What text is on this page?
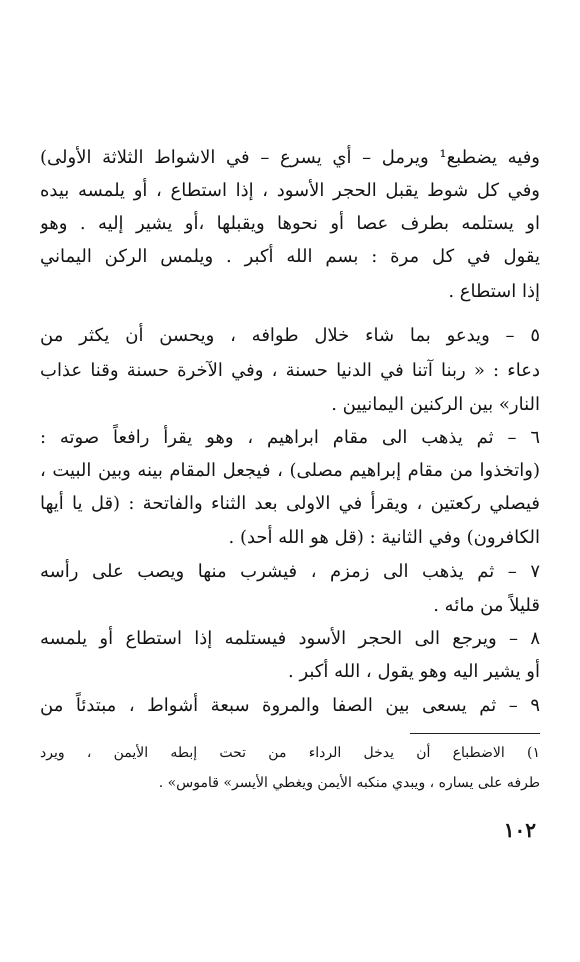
وفيه يضطبع¹ ويرمل – أي يسرع – في الاشواط الثلاثة الأولى)
وفي كل شوط يقبل الحجر الأسود ، إذا استطاع ، أو يلمسه بيده
او يستلمه بطرف عصا أو نحوها ويقبلها ،أو يشير إليه . وهو
يقول في كل مرة : بسم الله أكبر . ويلمس الركن اليماني
إذا استطاع .
٥ – ويدعو بما شاء خلال طوافه ، ويحسن أن يكثر من
دعاء : « ربنا آتنا في الدنيا حسنة ، وفي الآخرة حسنة وقنا عذاب
النار» بين الركنين اليمانيين .
٦ – ثم يذهب الى مقام ابراهيم ، وهو يقرأ رافعاً صوته :
(واتخذوا من مقام إبراهيم مصلى) ، فيجعل المقام بينه وبين البيت ،
فيصلي ركعتين ، ويقرأ في الاولى بعد الثناء والفاتحة : (قل يا أيها
الكافرون) وفي الثانية : (قل هو الله أحد) .
٧ – ثم يذهب الى زمزم ، فيشرب منها ويصب على رأسه
قليلاً من مائه .
٨ – ويرجع الى الحجر الأسود فيستلمه إذا استطاع أو يلمسه
أو يشير اليه وهو يقول ، الله أكبر .
٩ – ثم يسعى بين الصفا والمروة سبعة أشواط ، مبتدئاً من
١) الاضطباع أن يدخل الرداء من تحت إبطه الأيمن ، ويرد
طرفه على يساره ، ويبدي منكبه الأيمن ويغطي الأيسر» قاموس» .
١٠٢
